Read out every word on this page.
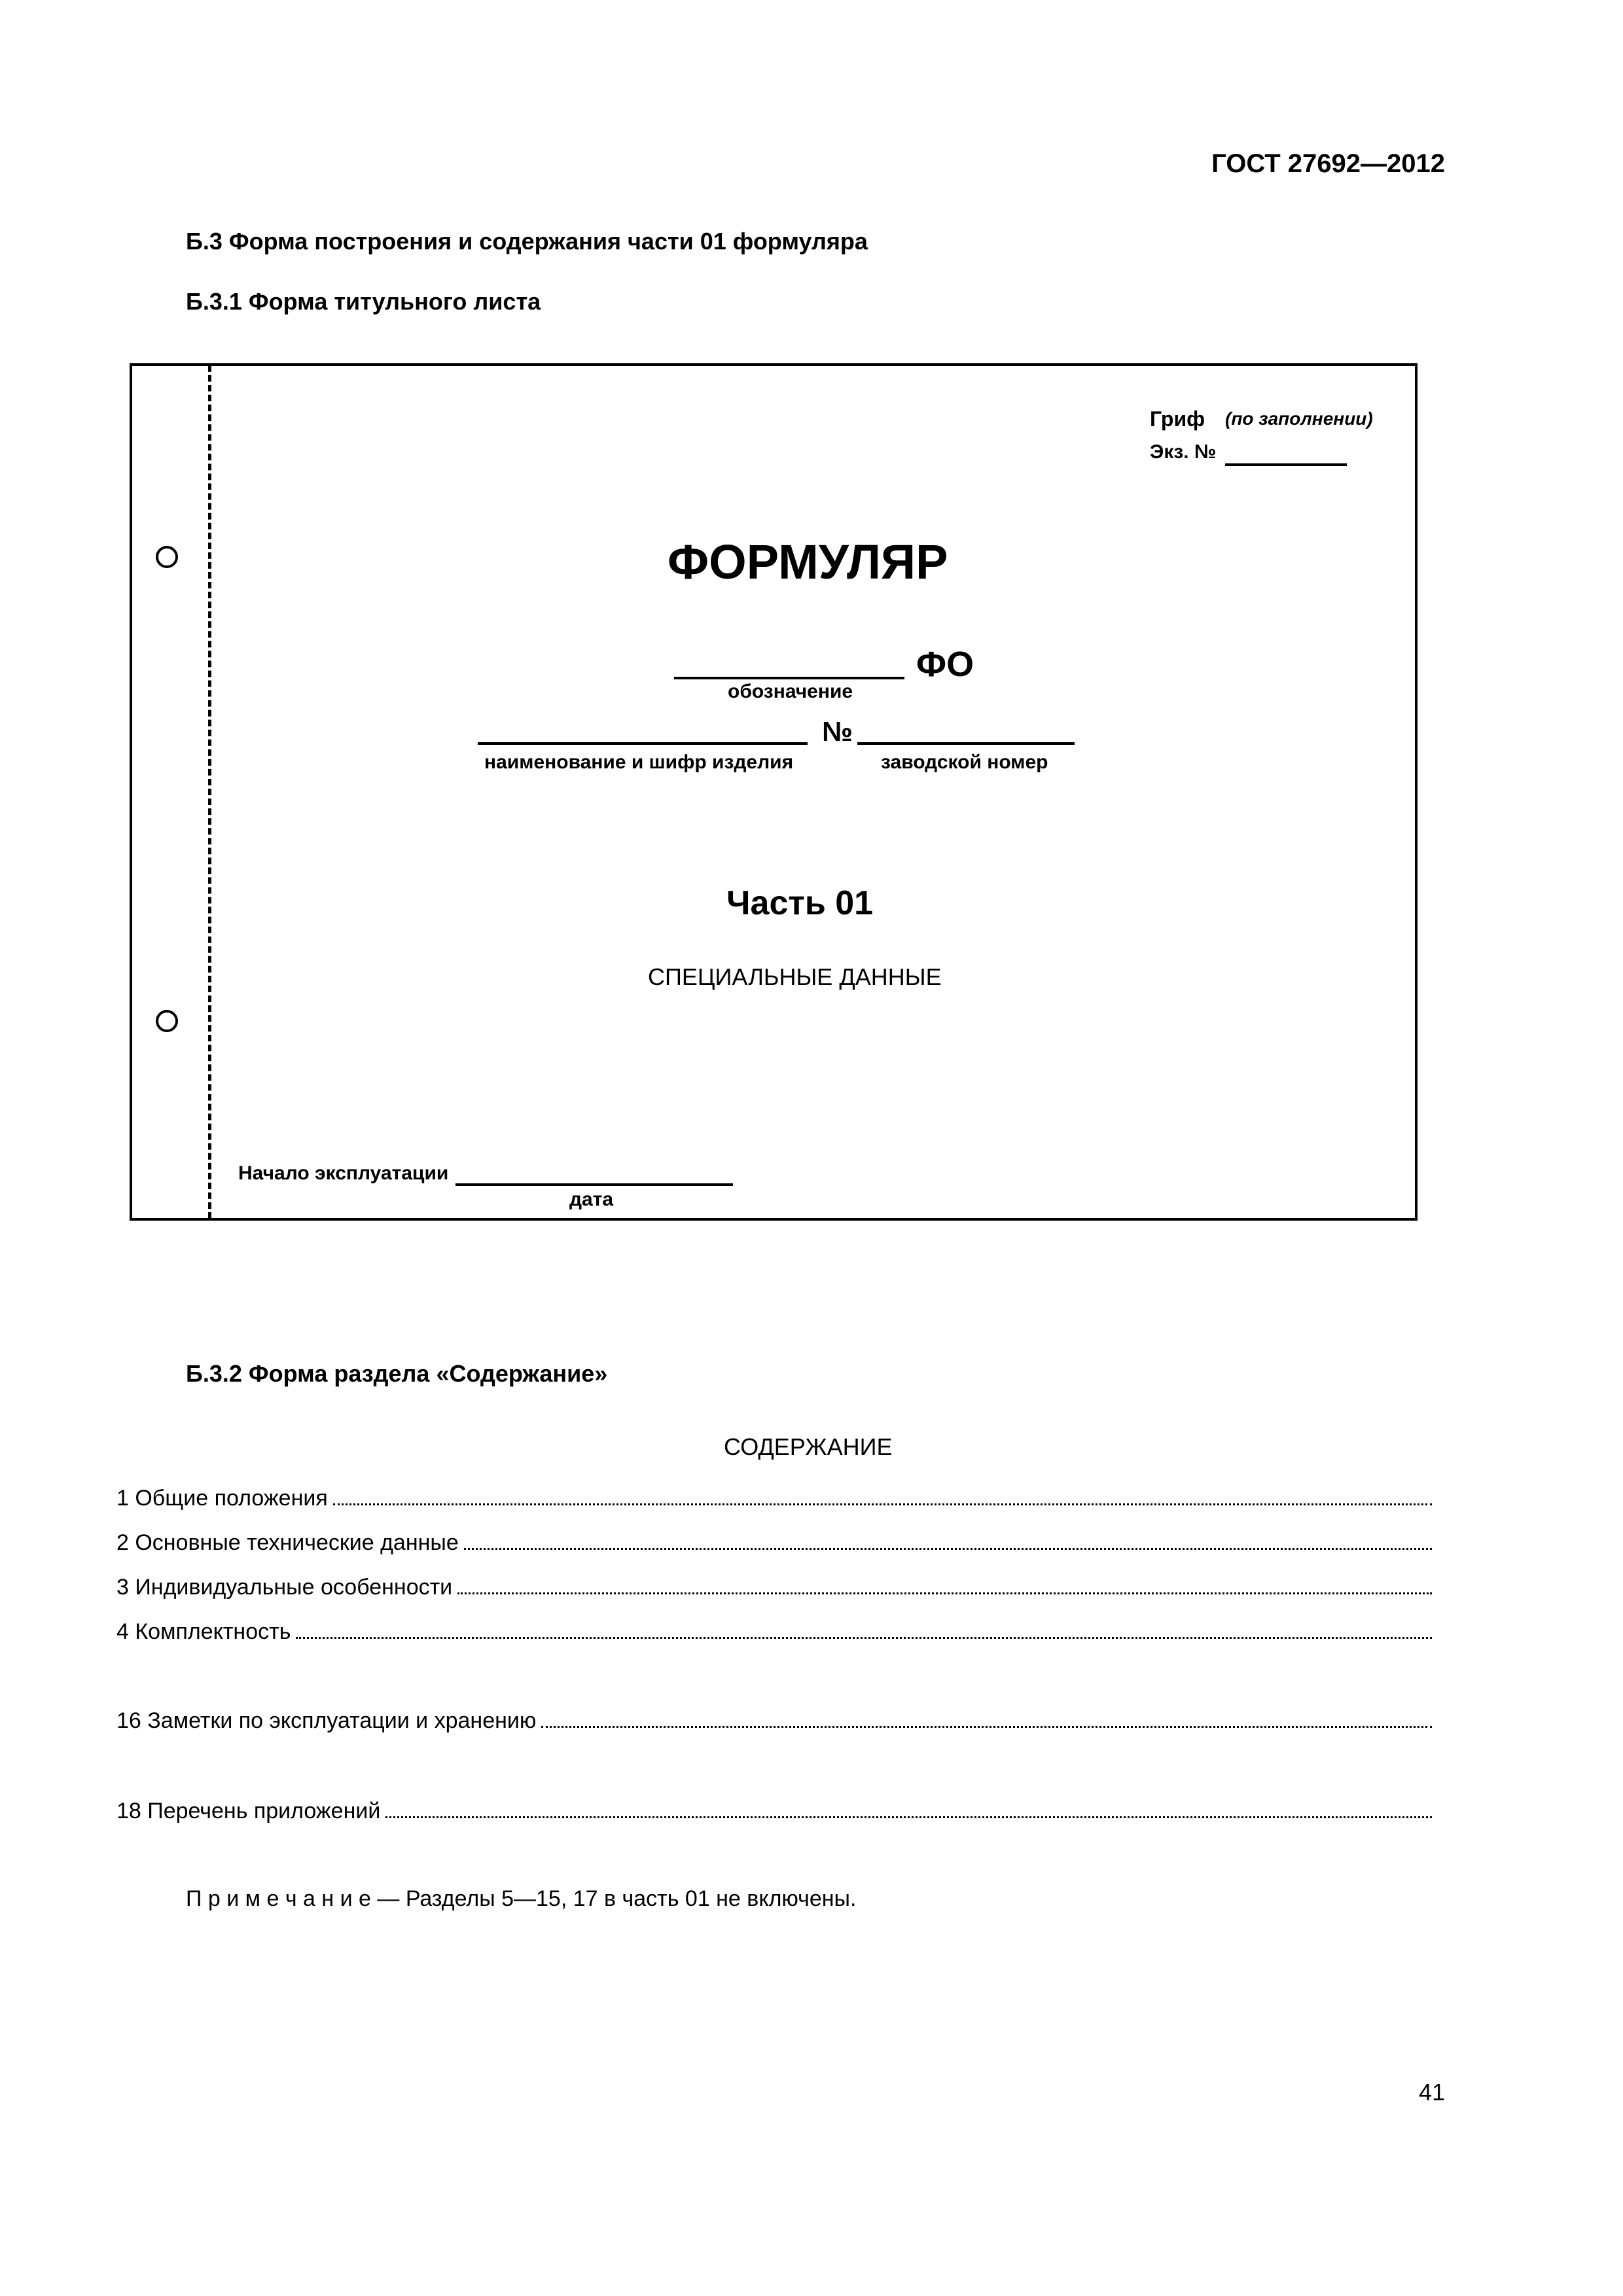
ГОСТ 27692—2012
Б.3 Форма построения и содержания части 01 формуляра
Б.3.1 Форма титульного листа
Гриф (по заполнении)
Экз. №
ФОРМУЛЯР
ФО
обозначение
№
наименование и шифр изделия	заводской номер
Часть 01
СПЕЦИАЛЬНЫЕ ДАННЫЕ
Начало эксплуатации
дата
Б.3.2 Форма раздела «Содержание»
СОДЕРЖАНИЕ
1 Общие положения
2 Основные технические данные
3 Индивидуальные особенности
4 Комплектность
16 Заметки по эксплуатации и хранению
18 Перечень приложений
П р и м е ч а н и е — Разделы 5—15, 17 в часть 01 не включены.
41
